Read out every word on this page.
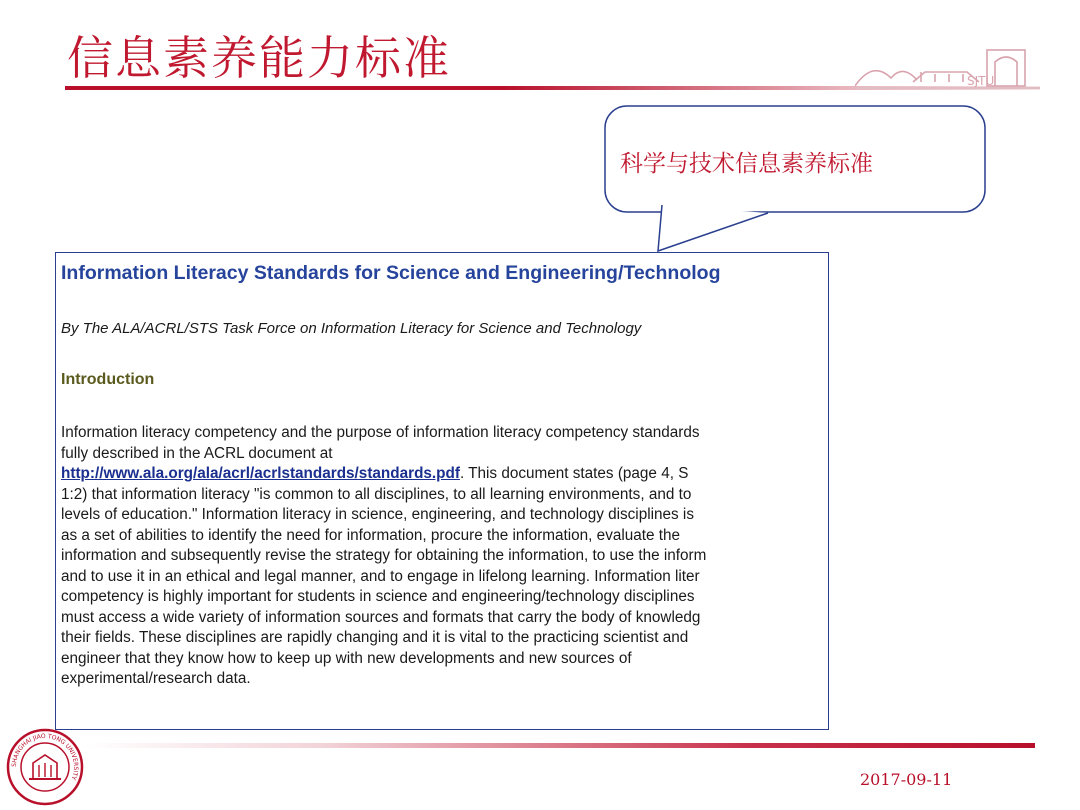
信息素养能力标准	SJTU
科学与技术信息素养标准
Information Literacy Standards for Science and Engineering/Technolog
By The ALA/ACRL/STS Task Force on Information Literacy for Science and Technology
Introduction
Information literacy competency and the purpose of information literacy competency standards
fully described in the ACRL document at
http://www.ala.org/ala/acrl/acrlstandards/standards.pdf. This document states (page 4, S
1:2) that information literacy "is common to all disciplines, to all learning environments, and to
levels of education." Information literacy in science, engineering, and technology disciplines is
as a set of abilities to identify the need for information, procure the information, evaluate the
information and subsequently revise the strategy for obtaining the information, to use the inform
and to use it in an ethical and legal manner, and to engage in lifelong learning. Information liter
competency is highly important for students in science and engineering/technology disciplines
must access a wide variety of information sources and formats that carry the body of knowledg
their fields. These disciplines are rapidly changing and it is vital to the practicing scientist and
engineer that they know how to keep up with new developments and new sources of
experimental/research data.
SHANGHAI JIAO TONG UNIVERSITY	2017-09-11
